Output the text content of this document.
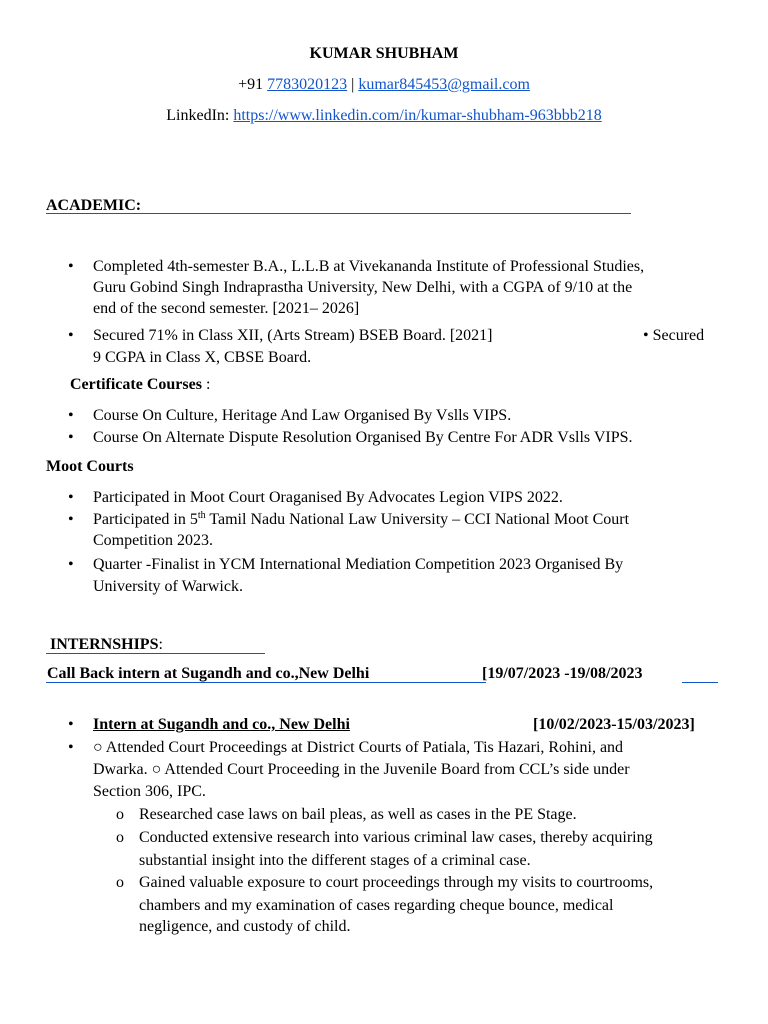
KUMAR SHUBHAM
+91 7783020123 | kumar845453@gmail.com
LinkedIn: https://www.linkedin.com/in/kumar-shubham-963bbb218
ACADEMIC:
• Completed 4th-semester B.A., L.L.B at Vivekananda Institute of Professional Studies,
Guru Gobind Singh Indraprastha University, New Delhi, with a CGPA of 9/10 at the
end of the second semester. [2021– 2026]
• Secured 71% in Class XII, (Arts Stream) BSEB Board. [2021]	• Secured
9 CGPA in Class X, CBSE Board.
Certificate Courses :
• Course On Culture, Heritage And Law Organised By Vslls VIPS.
• Course On Alternate Dispute Resolution Organised By Centre For ADR Vslls VIPS.
Moot Courts
• Participated in Moot Court Oraganised By Advocates Legion VIPS 2022.
• Participated in 5th Tamil Nadu National Law University – CCI National Moot Court
Competition 2023.
• Quarter -Finalist in YCM International Mediation Competition 2023 Organised By
University of Warwick.
INTERNSHIPS:
Call Back intern at Sugandh and co.,New Delhi	[19/07/2023 -19/08/2023
• Intern at Sugandh and co., New Delhi	[10/02/2023-15/03/2023]
• ○ Attended Court Proceedings at District Courts of Patiala, Tis Hazari, Rohini, and
Dwarka. ○ Attended Court Proceeding in the Juvenile Board from CCL’s side under
Section 306, IPC.
o Researched case laws on bail pleas, as well as cases in the PE Stage.
o Conducted extensive research into various criminal law cases, thereby acquiring
substantial insight into the different stages of a criminal case.
o Gained valuable exposure to court proceedings through my visits to courtrooms,
chambers and my examination of cases regarding cheque bounce, medical
negligence, and custody of child.
